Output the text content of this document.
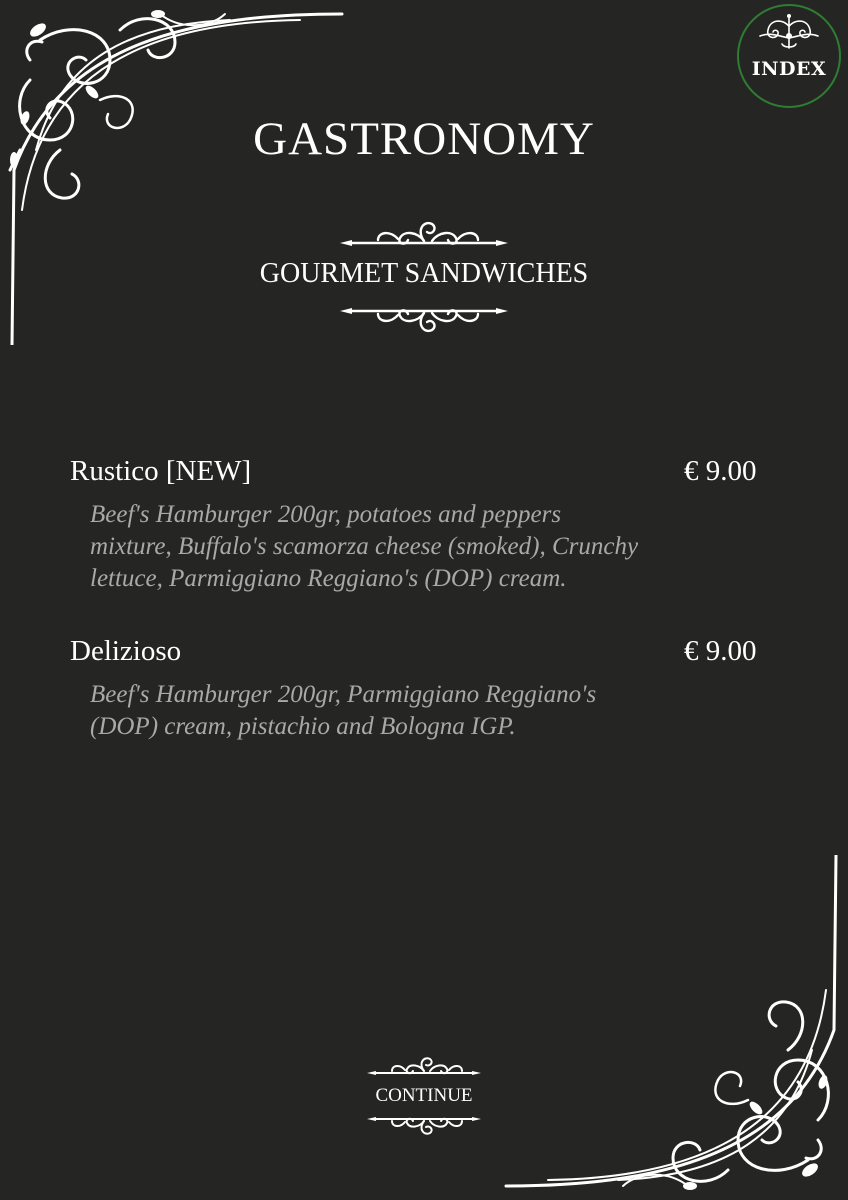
INDEX
GASTRONOMY
GOURMET SANDWICHES
Rustico [NEW]	€ 9.00
Beef's Hamburger 200gr, potatoes and peppers
mixture, Buffalo's scamorza cheese (smoked), Crunchy
lettuce, Parmiggiano Reggiano's (DOP) cream.
Delizioso	€ 9.00
Beef's Hamburger 200gr, Parmiggiano Reggiano's
(DOP) cream, pistachio and Bologna IGP.
CONTINUE
